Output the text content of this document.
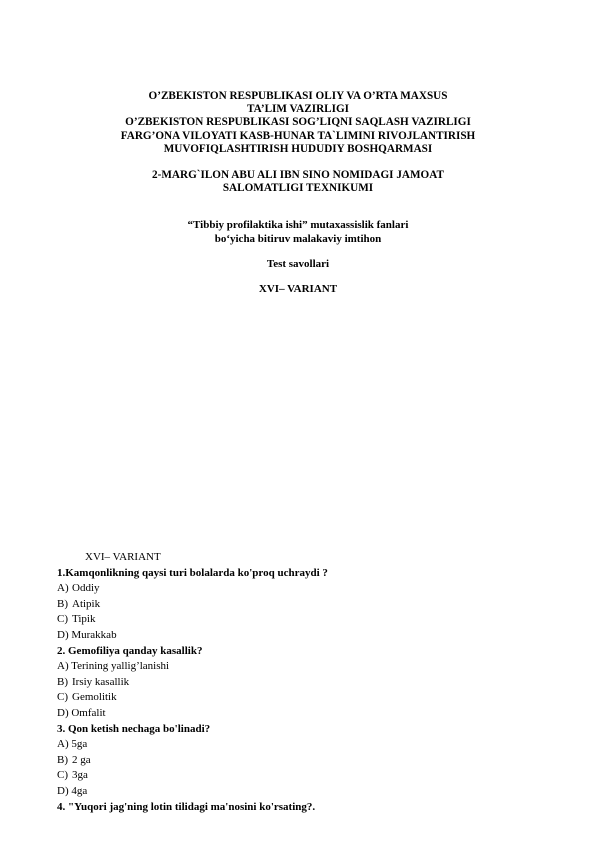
O’ZBEKISTON RESPUBLIKASI OLIY VA O’RTA MAXSUS
TA’LIM VAZIRLIGI
O’ZBEKISTON RESPUBLIKASI SOG’LIQNI SAQLASH VAZIRLIGI
FARG’ONA VILOYATI KASB-HUNAR TA`LIMINI RIVOJLANTIRISH
MUVOFIQLASHTIRISH HUDUDIY BOSHQARMASI
2-MARG`ILON ABU ALI IBN SINO NOMIDAGI JAMOAT
SALOMATLIGI TEXNIKUMI
“Tibbiy profilaktika ishi” mutaxassislik fanlari
bo‘yicha bitiruv malakaviy imtihon
Test savollari
XVI– VARIANT
XVI– VARIANT
1.Kamqonlikning qaysi turi bolalarda ko'proq uchraydi ?
A) Oddiy
B) Atipik
C) Tipik
D) Murakkab
2. Gemofiliya qanday kasallik?
A) Terining yallig’lanishi
B) Irsiy kasallik
C) Gemolitik
D) Omfalit
3. Qon ketish nechaga bo'linadi?
A) 5ga
B) 2 ga
C) 3ga
D) 4ga
4. "Yuqori jag'ning lotin tilidagi ma'nosini ko'rsating?.
